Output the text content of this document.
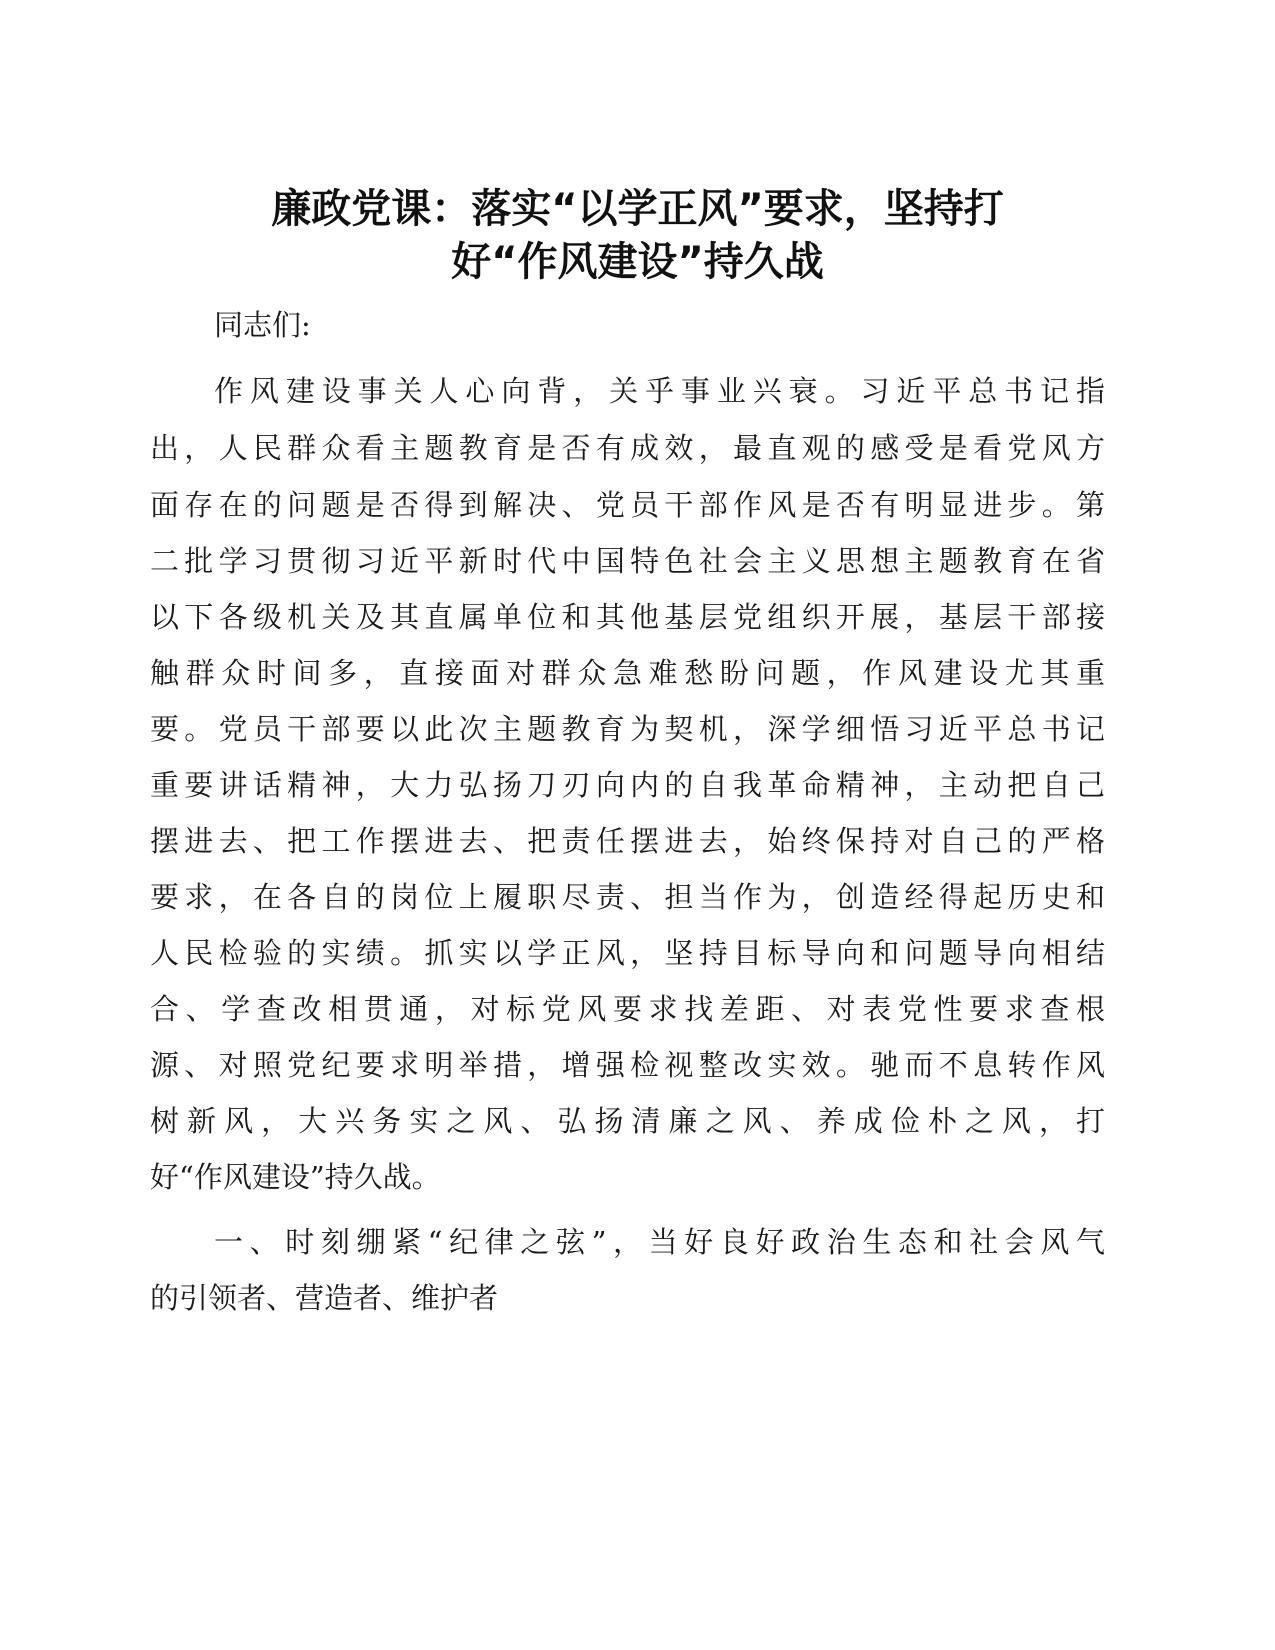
廉政党课：落实“以学正风”要求，坚持打
好“作风建设”持久战
同志们:
作风建设事关人心向背，关乎事业兴衰。习近平总书记指
出，人民群众看主题教育是否有成效，最直观的感受是看党风方
面存在的问题是否得到解决、党员干部作风是否有明显进步。第
二批学习贯彻习近平新时代中国特色社会主义思想主题教育在省
以下各级机关及其直属单位和其他基层党组织开展，基层干部接
触群众时间多，直接面对群众急难愁盼问题，作风建设尤其重
要。党员干部要以此次主题教育为契机，深学细悟习近平总书记
重要讲话精神，大力弘扬刀刃向内的自我革命精神，主动把自己
摆进去、把工作摆进去、把责任摆进去，始终保持对自己的严格
要求，在各自的岗位上履职尽责、担当作为，创造经得起历史和
人民检验的实绩。抓实以学正风，坚持目标导向和问题导向相结
合、学查改相贯通，对标党风要求找差距、对表党性要求查根
源、对照党纪要求明举措，增强检视整改实效。驰而不息转作风
树新风，大兴务实之风、弘扬清廉之风、养成俭朴之风，打
好“作风建设”持久战。
一、时刻绷紧“纪律之弦”，当好良好政治生态和社会风气
的引领者、营造者、维护者
